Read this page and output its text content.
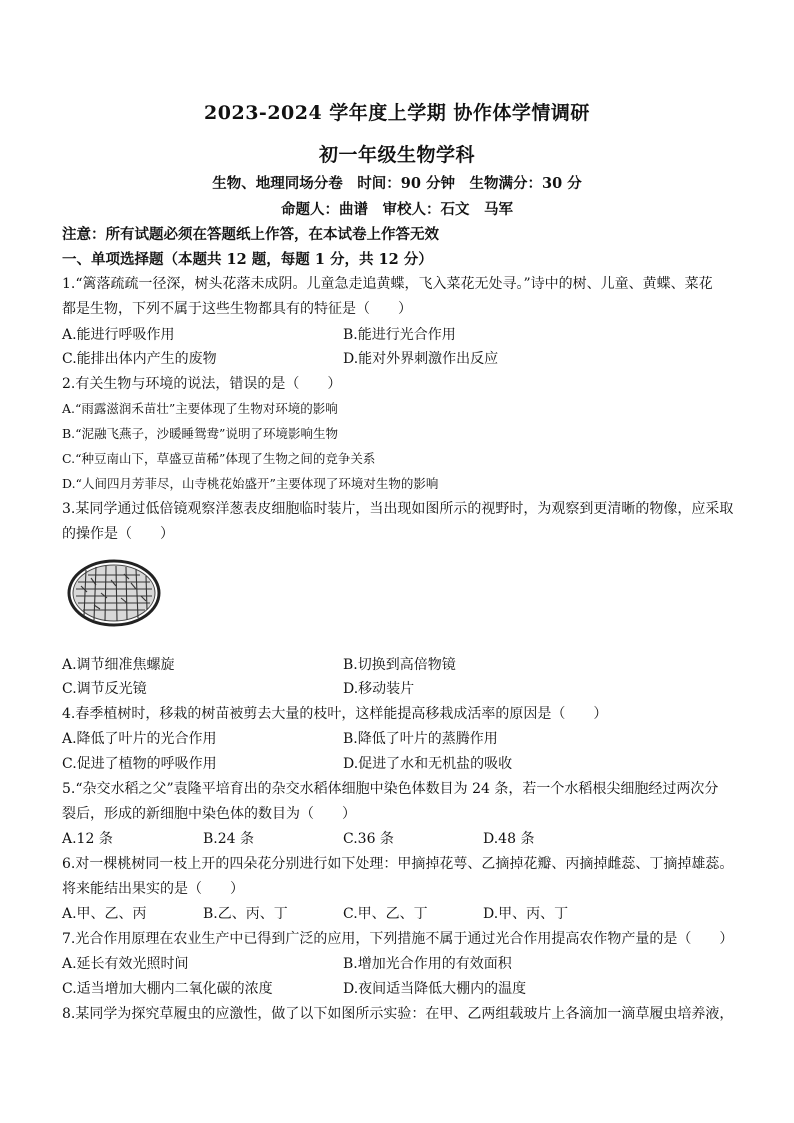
2023-2024 学年度上学期 协作体学情调研
初一年级生物学科
生物、地理同场分卷　时间：90 分钟　生物满分：30 分
命题人：曲谱　审校人：石文　马军
注意：所有试题必须在答题纸上作答，在本试卷上作答无效
一、单项选择题（本题共 12 题，每题 1 分，共 12 分）
1.“篱落疏疏一径深，树头花落未成阴。儿童急走追黄蝶，飞入菜花无处寻。”诗中的树、儿童、黄蝶、菜花
都是生物，下列不属于这些生物都具有的特征是（　　）
A.能进行呼吸作用	B.能进行光合作用
C.能排出体内产生的废物	D.能对外界刺激作出反应
2.有关生物与环境的说法，错误的是（　　）
A.“雨露滋润禾苗壮”主要体现了生物对环境的影响
B.“泥融飞燕子，沙暖睡鸳鸯”说明了环境影响生物
C.“种豆南山下，草盛豆苗稀”体现了生物之间的竞争关系
D.“人间四月芳菲尽，山寺桃花始盛开”主要体现了环境对生物的影响
3.某同学通过低倍镜观察洋葱表皮细胞临时装片，当出现如图所示的视野时，为观察到更清晰的物像，应采取
的操作是（　　）
A.调节细准焦螺旋	B.切换到高倍物镜
C.调节反光镜	D.移动装片
4.春季植树时，移栽的树苗被剪去大量的枝叶，这样能提高移栽成活率的原因是（　　）
A.降低了叶片的光合作用	B.降低了叶片的蒸腾作用
C.促进了植物的呼吸作用	D.促进了水和无机盐的吸收
5.“杂交水稻之父”袁隆平培育出的杂交水稻体细胞中染色体数目为 24 条，若一个水稻根尖细胞经过两次分
裂后，形成的新细胞中染色体的数目为（　　）
A.12 条	B.24 条	C.36 条	D.48 条
6.对一棵桃树同一枝上开的四朵花分别进行如下处理：甲摘掉花萼、乙摘掉花瓣、丙摘掉雌蕊、丁摘掉雄蕊。
将来能结出果实的是（　　）
A.甲、乙、丙	B.乙、丙、丁	C.甲、乙、丁	D.甲、丙、丁
7.光合作用原理在农业生产中已得到广泛的应用，下列措施不属于通过光合作用提高农作物产量的是（　　）
A.延长有效光照时间	B.增加光合作用的有效面积
C.适当增加大棚内二氧化碳的浓度	D.夜间适当降低大棚内的温度
8.某同学为探究草履虫的应激性，做了以下如图所示实验：在甲、乙两组载玻片上各滴加一滴草履虫培养液，
